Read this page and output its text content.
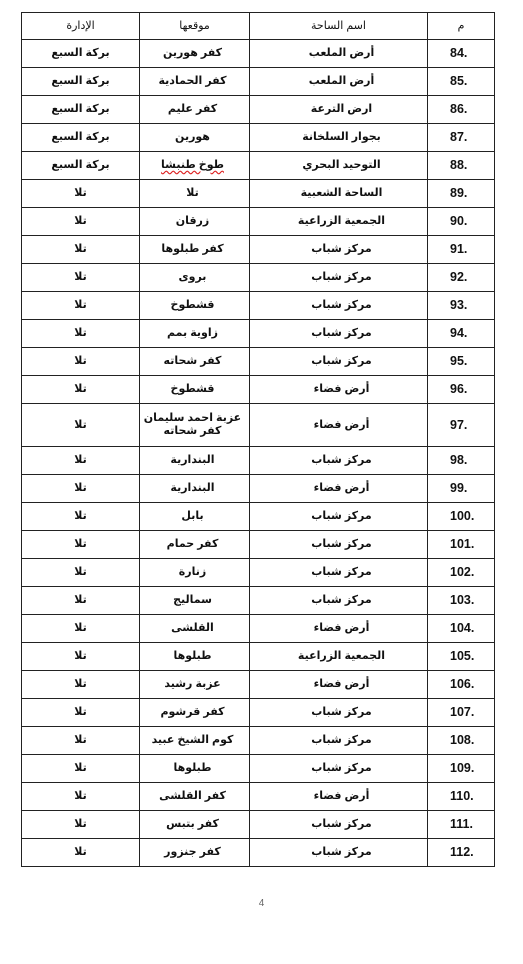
م	اسم الساحة	موقعها	الإدارة
84.	أرض الملعب	كفر هورين	بركة السبع
85.	أرض الملعب	كفر الحمادية	بركة السبع
86.	ارض الترعة	كفر عليم	بركة السبع
87.	بجوار السلخانة	هورين	بركة السبع
88.	التوحيد البحري	طوخ طنبشا	بركة السبع
89.	الساحة الشعبية	تلا	تلا
90.	الجمعية الزراعية	زرقان	تلا
91.	مركز شباب	كفر طبلوها	تلا
92.	مركز شباب	بروى	تلا
93.	مركز شباب	قشطوخ	تلا
94.	مركز شباب	زاوية بمم	تلا
95.	مركز شباب	كفر شحاته	تلا
96.	أرض فضاء	قشطوخ	تلا
97.	أرض فضاء	عزبة احمد سليمان كفر شحاته	تلا
98.	مركز شباب	البندارية	تلا
99.	أرض فضاء	البندارية	تلا
100.	مركز شباب	بابل	تلا
101.	مركز شباب	كفر حمام	تلا
102.	مركز شباب	زنارة	تلا
103.	مركز شباب	سماليج	تلا
104.	أرض فضاء	القلشى	تلا
105.	الجمعية الزراعية	طبلوها	تلا
106.	أرض فضاء	عزبة رشيد	تلا
107.	مركز شباب	كفر قرشوم	تلا
108.	مركز شباب	كوم الشيخ عبيد	تلا
109.	مركز شباب	طبلوها	تلا
110.	أرض فضاء	كفر القلشى	تلا
111.	مركز شباب	كفر بتبس	تلا
112.	مركز شباب	كفر جنزور	تلا
4
